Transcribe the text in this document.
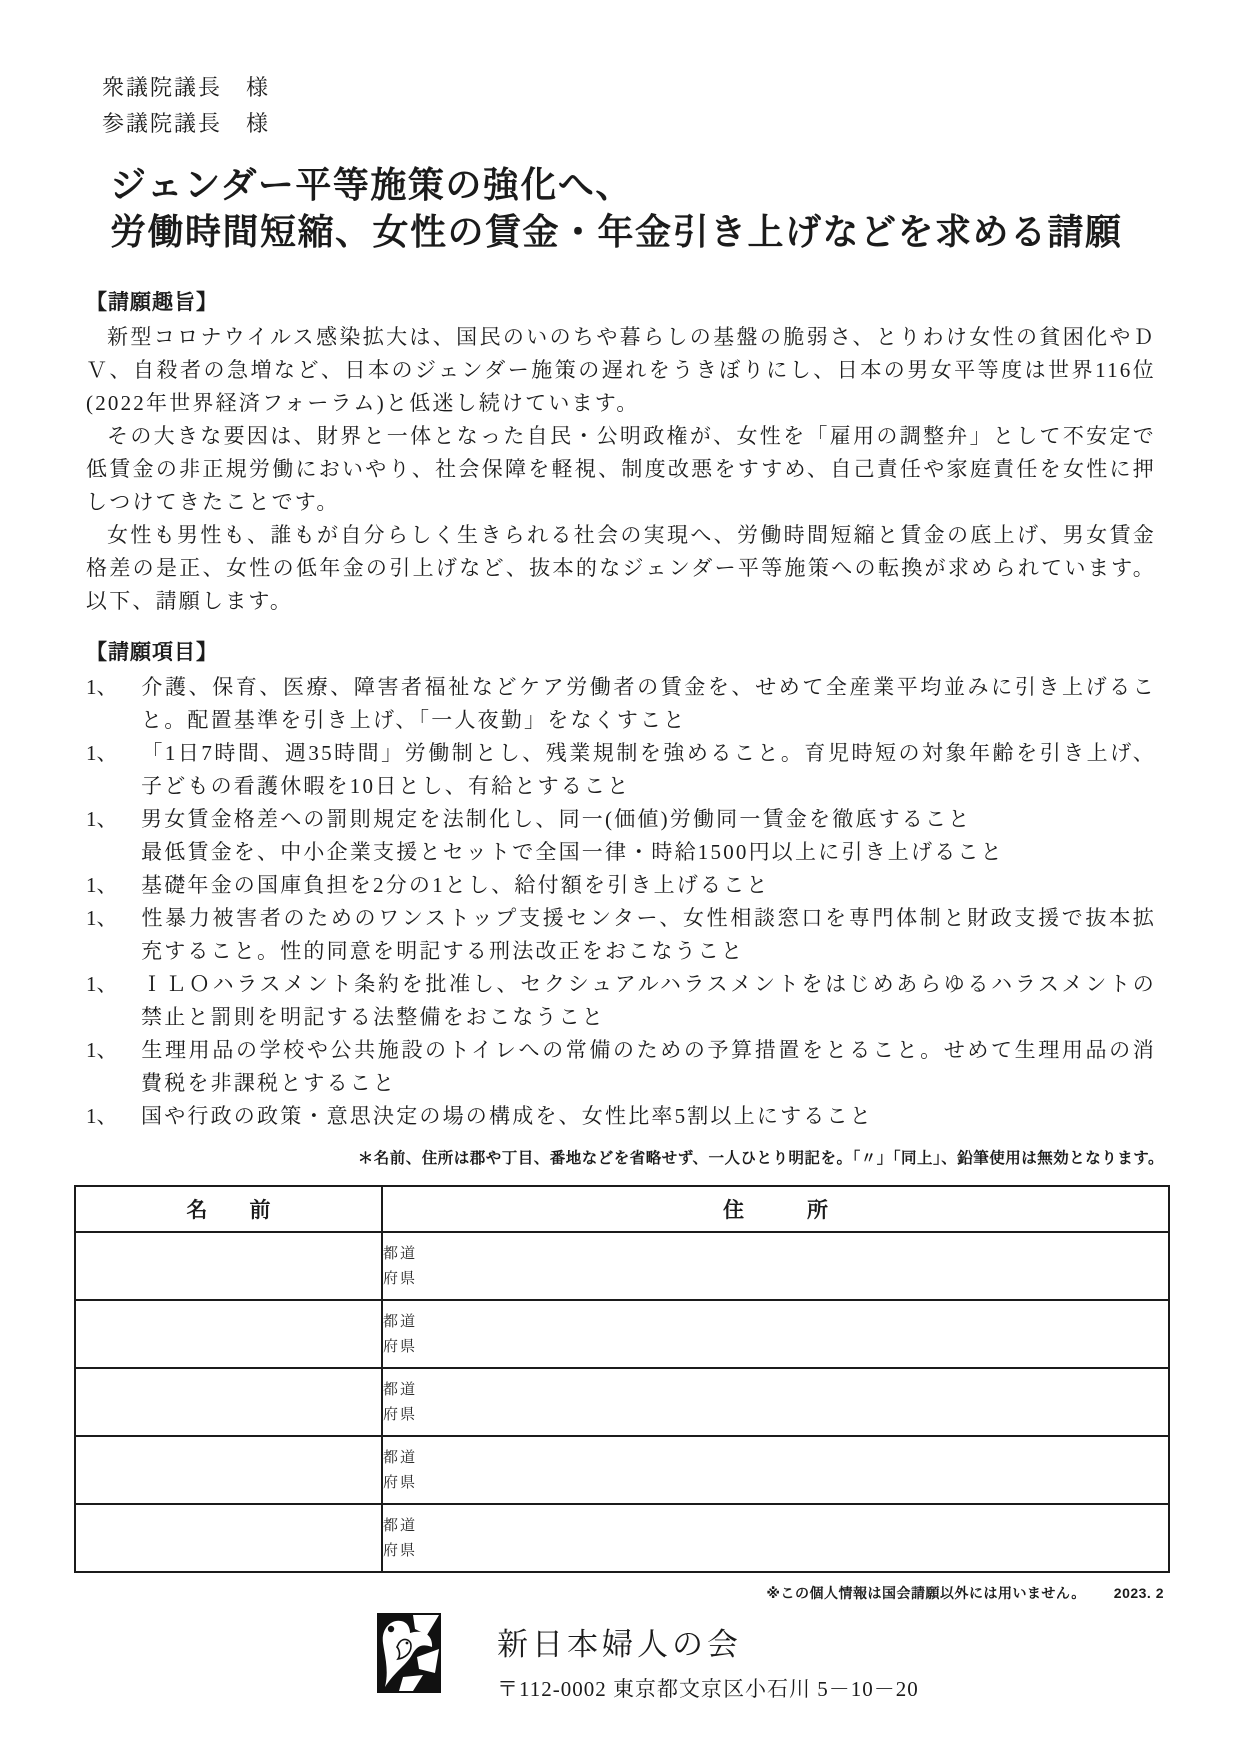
衆議院議長　様
参議院議長　様
ジェンダー平等施策の強化へ、
労働時間短縮、女性の賃金・年金引き上げなどを求める請願
【請願趣旨】
新型コロナウイルス感染拡大は、国民のいのちや暮らしの基盤の脆弱さ、とりわけ女性の貧困化やＤＶ、自殺者の急増など、日本のジェンダー施策の遅れをうきぼりにし、日本の男女平等度は世界116位(2022年世界経済フォーラム)と低迷し続けています。
その大きな要因は、財界と一体となった自民・公明政権が、女性を「雇用の調整弁」として不安定で低賃金の非正規労働においやり、社会保障を軽視、制度改悪をすすめ、自己責任や家庭責任を女性に押しつけてきたことです。
女性も男性も、誰もが自分らしく生きられる社会の実現へ、労働時間短縮と賃金の底上げ、男女賃金格差の是正、女性の低年金の引上げなど、抜本的なジェンダー平等施策への転換が求められています。以下、請願します。
【請願項目】
1、 介護、保育、医療、障害者福祉などケア労働者の賃金を、せめて全産業平均並みに引き上げること。配置基準を引き上げ、「一人夜勤」をなくすこと
1、 「1日7時間、週35時間」労働制とし、残業規制を強めること。育児時短の対象年齢を引き上げ、子どもの看護休暇を10日とし、有給とすること
1、 男女賃金格差への罰則規定を法制化し、同一(価値)労働同一賃金を徹底すること
最低賃金を、中小企業支援とセットで全国一律・時給1500円以上に引き上げること
1、 基礎年金の国庫負担を2分の1とし、給付額を引き上げること
1、 性暴力被害者のためのワンストップ支援センター、女性相談窓口を専門体制と財政支援で抜本拡充すること。性的同意を明記する刑法改正をおこなうこと
1、 ＩＬＯハラスメント条約を批准し、セクシュアルハラスメントをはじめあらゆるハラスメントの禁止と罰則を明記する法整備をおこなうこと
1、 生理用品の学校や公共施設のトイレへの常備のための予算措置をとること。せめて生理用品の消費税を非課税とすること
1、 国や行政の政策・意思決定の場の構成を、女性比率5割以上にすること
＊名前、住所は郡や丁目、番地などを省略せず、一人ひとり明記を。「〃」「同上」、鉛筆使用は無効となります。
名　　前	住　　　所

	都道
府県

	都道
府県

	都道
府県

	都道
府県

	都道
府県
※この個人情報は国会請願以外には用いません。 2023. 2
新日本婦人の会
〒112-0002 東京都文京区小石川 5－10－20
